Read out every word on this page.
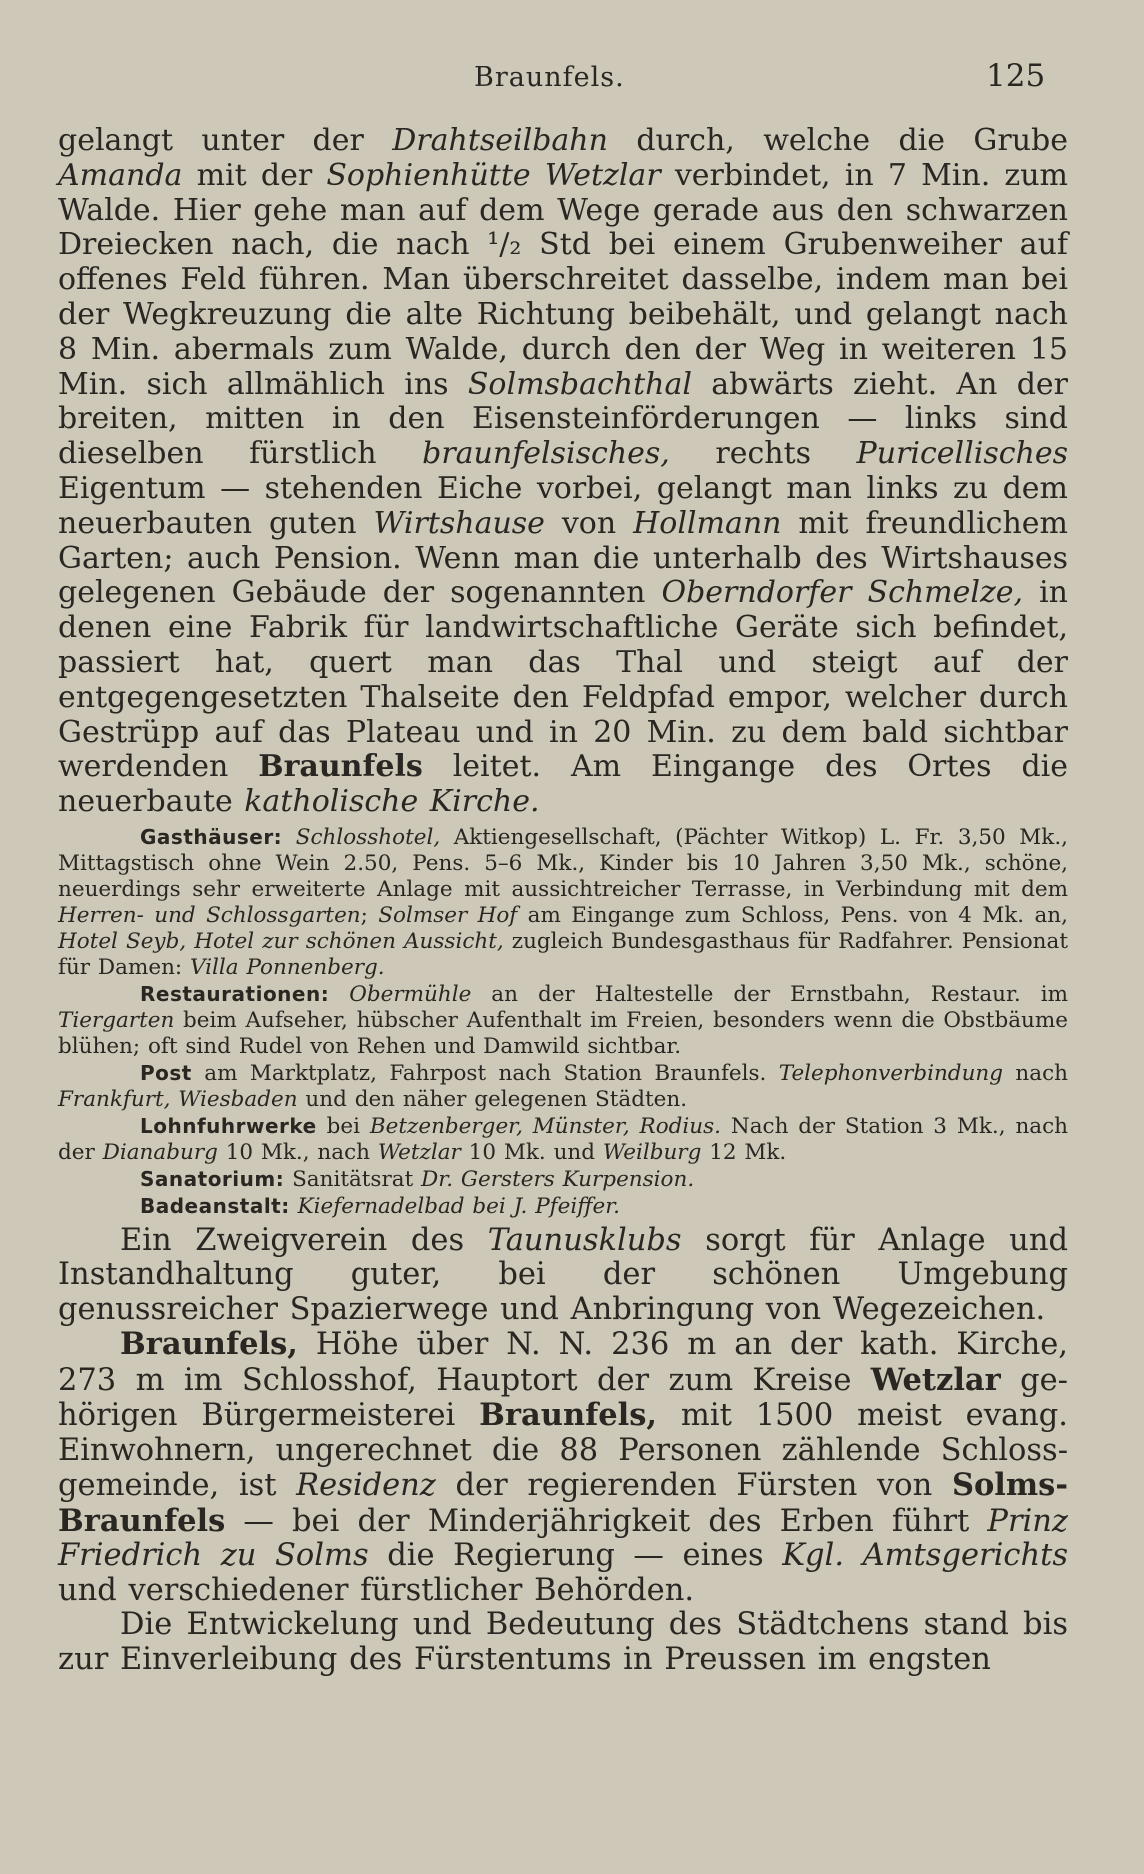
Braunfels.	125

gelangt unter der Drahtseilbahn durch, welche die Grube Amanda mit der Sophienhütte Wetzlar verbindet, in 7 Min. zum Walde. Hier gehe man auf dem Wege gerade aus den schwarzen Dreiecken nach, die nach ¹/₂ Std bei einem Grubenweiher auf offenes Feld führen. Man überschreitet dasselbe, indem man bei der Wegkreuzung die alte Richtung beibehält, und gelangt nach 8 Min. abermals zum Walde, durch den der Weg in weiteren 15 Min. sich allmählich ins Solmsbachthal abwärts zieht. An der breiten, mitten in den Eisensteinförderungen — links sind dieselben fürstlich braunfelsisches, rechts Puricellisches Eigentum — stehenden Eiche vorbei, gelangt man links zu dem neuerbauten guten Wirtshause von Hollmann mit freundlichem Garten; auch Pension. Wenn man die unterhalb des Wirtshauses gelegenen Gebäude der sogenannten Oberndorfer Schmelze, in denen eine Fabrik für landwirtschaftliche Geräte sich befindet, passiert hat, quert man das Thal und steigt auf der entgegengesetzten Thalseite den Feldpfad empor, welcher durch Gestrüpp auf das Plateau und in 20 Min. zu dem bald sichtbar werdenden Braunfels leitet. Am Eingange des Ortes die neuerbaute katholische Kirche.

Gasthäuser: Schlosshotel, Aktiengesellschaft, (Pächter Witkop) L. Fr. 3,50 Mk., Mittagstisch ohne Wein 2.50, Pens. 5–6 Mk., Kinder bis 10 Jahren 3,50 Mk., schöne, neuerdings sehr erweiterte Anlage mit aussichtreicher Terrasse, in Verbindung mit dem Herren- und Schlossgarten; Solmser Hof am Eingange zum Schloss, Pens. von 4 Mk. an, Hotel Seyb, Hotel zur schönen Aussicht, zugleich Bundesgasthaus für Radfahrer. Pensionat für Damen: Villa Ponnenberg.

Restaurationen: Obermühle an der Haltestelle der Ernstbahn, Restaur. im Tiergarten beim Aufseher, hübscher Aufenthalt im Freien, besonders wenn die Obstbäume blühen; oft sind Rudel von Rehen und Damwild sichtbar.

Post am Marktplatz, Fahrpost nach Station Braunfels. Telephonverbindung nach Frankfurt, Wiesbaden und den näher gelegenen Städten.

Lohnfuhrwerke bei Betzenberger, Münster, Rodius. Nach der Station 3 Mk., nach der Dianaburg 10 Mk., nach Wetzlar 10 Mk. und Weilburg 12 Mk.

Sanatorium: Sanitätsrat Dr. Gersters Kurpension.

Badeanstalt: Kiefernadelbad bei J. Pfeiffer.

Ein Zweigverein des Taunusklubs sorgt für Anlage und Instandhaltung guter, bei der schönen Umgebung genussreicher Spazierwege und Anbringung von Wegezeichen.

Braunfels, Höhe über N. N. 236 m an der kath. Kirche, 273 m im Schlosshof, Hauptort der zum Kreise Wetzlar gehörigen Bürgermeisterei Braunfels, mit 1500 meist evang. Einwohnern, ungerechnet die 88 Personen zählende Schlossgemeinde, ist Residenz der regierenden Fürsten von Solms-Braunfels — bei der Minderjährigkeit des Erben führt Prinz Friedrich zu Solms die Regierung — eines Kgl. Amtsgerichts und verschiedener fürstlicher Behörden.

Die Entwickelung und Bedeutung des Städtchens stand bis zur Einverleibung des Fürstentums in Preussen im engsten
